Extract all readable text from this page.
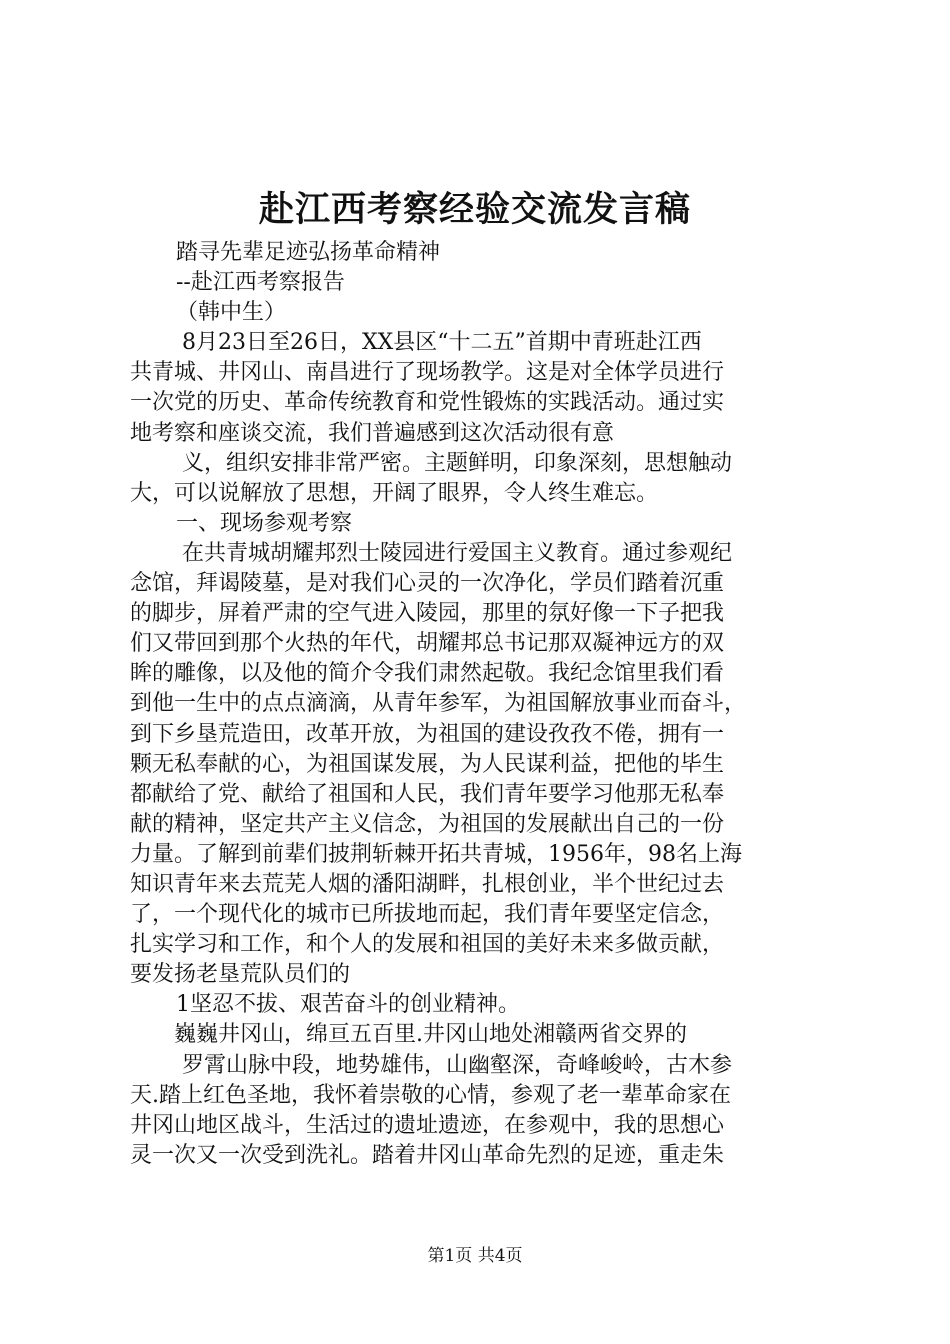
赴江西考察经验交流发言稿
踏寻先辈足迹弘扬革命精神
--赴江西考察报告
（韩中生）
8月23日至26日，XX县区“十二五”首期中青班赴江西
共青城、井冈山、南昌进行了现场教学。这是对全体学员进行
一次党的历史、革命传统教育和党性锻炼的实践活动。通过实
地考察和座谈交流，我们普遍感到这次活动很有意
义，组织安排非常严密。主题鲜明，印象深刻，思想触动
大，可以说解放了思想，开阔了眼界，令人终生难忘。
一、现场参观考察
在共青城胡耀邦烈士陵园进行爱国主义教育。通过参观纪
念馆，拜谒陵墓，是对我们心灵的一次净化，学员们踏着沉重
的脚步，屏着严肃的空气进入陵园，那里的氛好像一下子把我
们又带回到那个火热的年代，胡耀邦总书记那双凝神远方的双
眸的雕像，以及他的简介令我们肃然起敬。我纪念馆里我们看
到他一生中的点点滴滴，从青年参军，为祖国解放事业而奋斗，
到下乡垦荒造田，改革开放，为祖国的建设孜孜不倦，拥有一
颗无私奉献的心，为祖国谋发展，为人民谋利益，把他的毕生
都献给了党、献给了祖国和人民，我们青年要学习他那无私奉
献的精神，坚定共产主义信念，为祖国的发展献出自己的一份
力量。了解到前辈们披荆斩棘开拓共青城，1956年，98名上海
知识青年来去荒芜人烟的潘阳湖畔，扎根创业，半个世纪过去
了，一个现代化的城市已所拔地而起，我们青年要坚定信念，
扎实学习和工作，和个人的发展和祖国的美好未来多做贡献，
要发扬老垦荒队员们的
1坚忍不拔、艰苦奋斗的创业精神。
巍巍井冈山，绵亘五百里.井冈山地处湘赣两省交界的
罗霄山脉中段，地势雄伟，山幽壑深，奇峰峻岭，古木参
天.踏上红色圣地，我怀着崇敬的心情，参观了老一辈革命家在
井冈山地区战斗，生活过的遗址遗迹，在参观中，我的思想心
灵一次又一次受到洗礼。踏着井冈山革命先烈的足迹，重走朱
第1页 共4页
